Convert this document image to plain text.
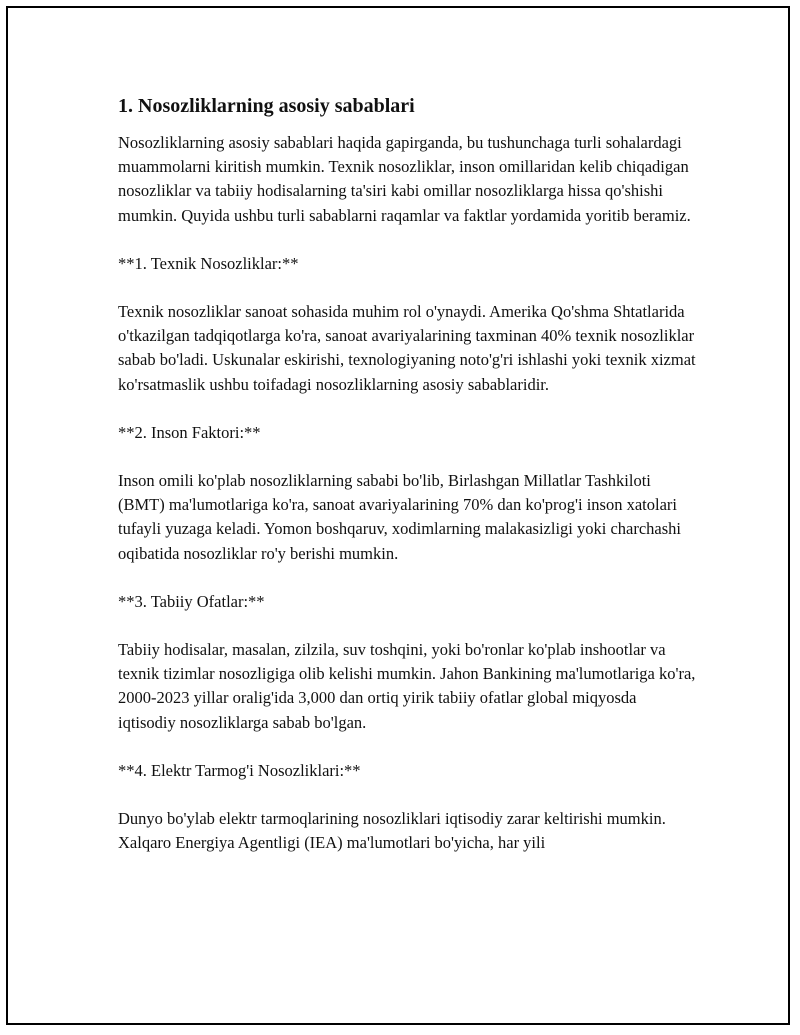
1. Nosozliklarning asosiy sabablari

Nosozliklarning asosiy sabablari haqida gapirganda, bu tushunchaga turli sohalardagi muammolarni kiritish mumkin. Texnik nosozliklar, inson omillaridan kelib chiqadigan nosozliklar va tabiiy hodisalarning ta'siri kabi omillar nosozliklarga hissa qo'shishi mumkin. Quyida ushbu turli sabablarni raqamlar va faktlar yordamida yoritib beramiz.

**1. Texnik Nosozliklar:**

Texnik nosozliklar sanoat sohasida muhim rol o'ynaydi. Amerika Qo'shma Shtatlarida o'tkazilgan tadqiqotlarga ko'ra, sanoat avariyalarining taxminan 40% texnik nosozliklar sabab bo'ladi. Uskunalar eskirishi, texnologiyaning noto'g'ri ishlashi yoki texnik xizmat ko'rsatmaslik ushbu toifadagi nosozliklarning asosiy sabablaridir.

**2. Inson Faktori:**

Inson omili ko'plab nosozliklarning sababi bo'lib, Birlashgan Millatlar Tashkiloti (BMT) ma'lumotlariga ko'ra, sanoat avariyalarining 70% dan ko'prog'i inson xatolari tufayli yuzaga keladi. Yomon boshqaruv, xodimlarning malakasizligi yoki charchashi oqibatida nosozliklar ro'y berishi mumkin.

**3. Tabiiy Ofatlar:**

Tabiiy hodisalar, masalan, zilzila, suv toshqini, yoki bo'ronlar ko'plab inshootlar va texnik tizimlar nosozligiga olib kelishi mumkin. Jahon Bankining ma'lumotlariga ko'ra, 2000-2023 yillar oralig'ida 3,000 dan ortiq yirik tabiiy ofatlar global miqyosda iqtisodiy nosozliklarga sabab bo'lgan.

**4. Elektr Tarmog'i Nosozliklari:**

Dunyo bo'ylab elektr tarmoqlarining nosozliklari iqtisodiy zarar keltirishi mumkin. Xalqaro Energiya Agentligi (IEA) ma'lumotlari bo'yicha, har yili
